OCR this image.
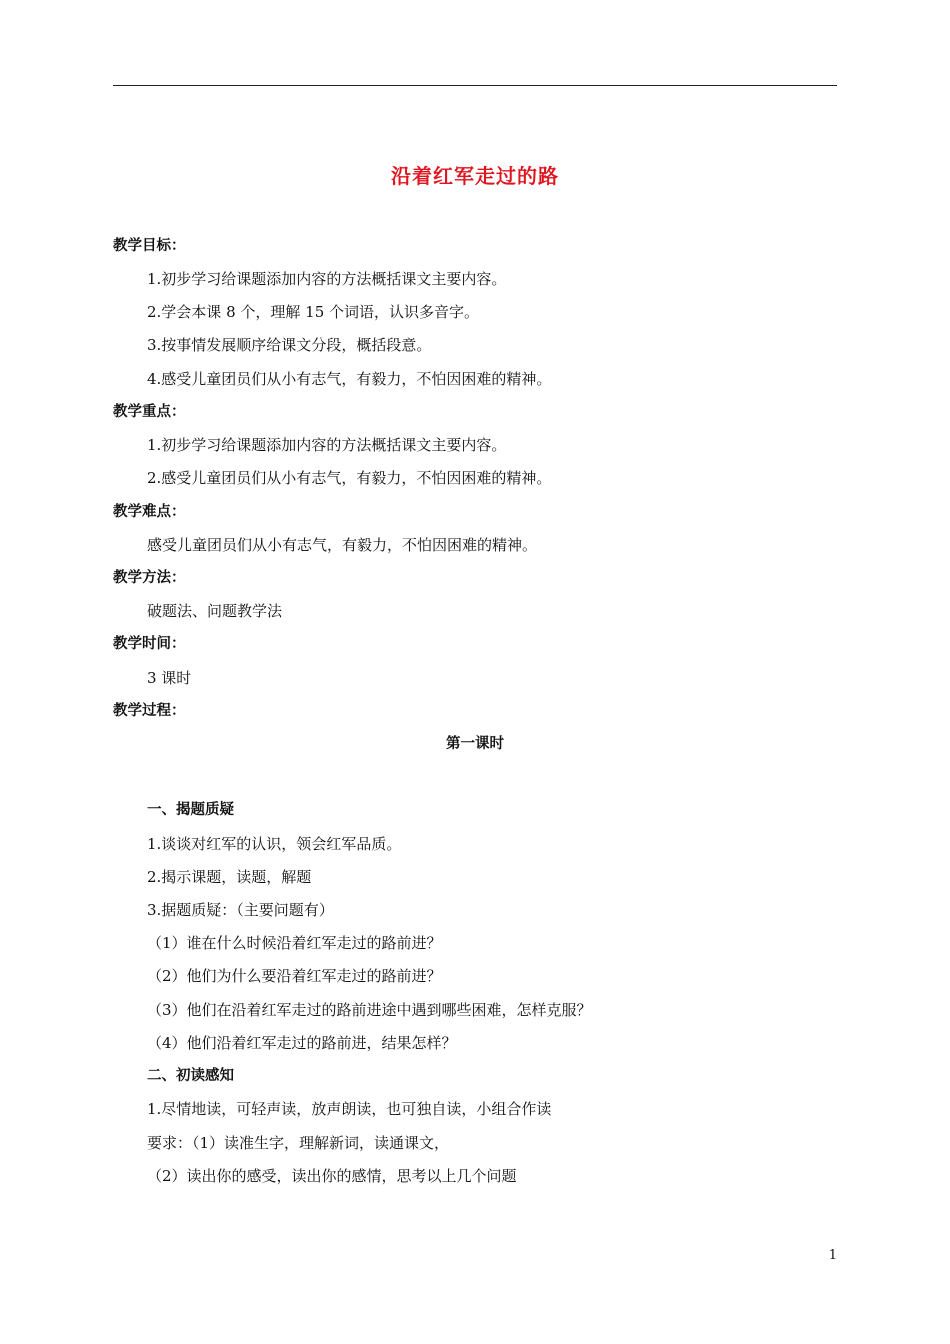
沿着红军走过的路
教学目标：
1.初步学习给课题添加内容的方法概括课文主要内容。
2.学会本课 8 个，理解 15 个词语，认识多音字。
3.按事情发展顺序给课文分段，概括段意。
4.感受儿童团员们从小有志气，有毅力，不怕因困难的精神。
教学重点：
1.初步学习给课题添加内容的方法概括课文主要内容。
2.感受儿童团员们从小有志气，有毅力，不怕因困难的精神。
教学难点：
感受儿童团员们从小有志气，有毅力，不怕因困难的精神。
教学方法：
破题法、问题教学法
教学时间：
3 课时
教学过程：
第一课时
一、揭题质疑
1.谈谈对红军的认识，领会红军品质。
2.揭示课题，读题，解题
3.据题质疑：（主要问题有）
（1）谁在什么时候沿着红军走过的路前进？
（2）他们为什么要沿着红军走过的路前进？
（3）他们在沿着红军走过的路前进途中遇到哪些困难，怎样克服？
（4）他们沿着红军走过的路前进，结果怎样？
二、初读感知
1.尽情地读，可轻声读，放声朗读，也可独自读，小组合作读
要求：（1）读准生字，理解新词，读通课文，
（2）读出你的感受，读出你的感情，思考以上几个问题
1
